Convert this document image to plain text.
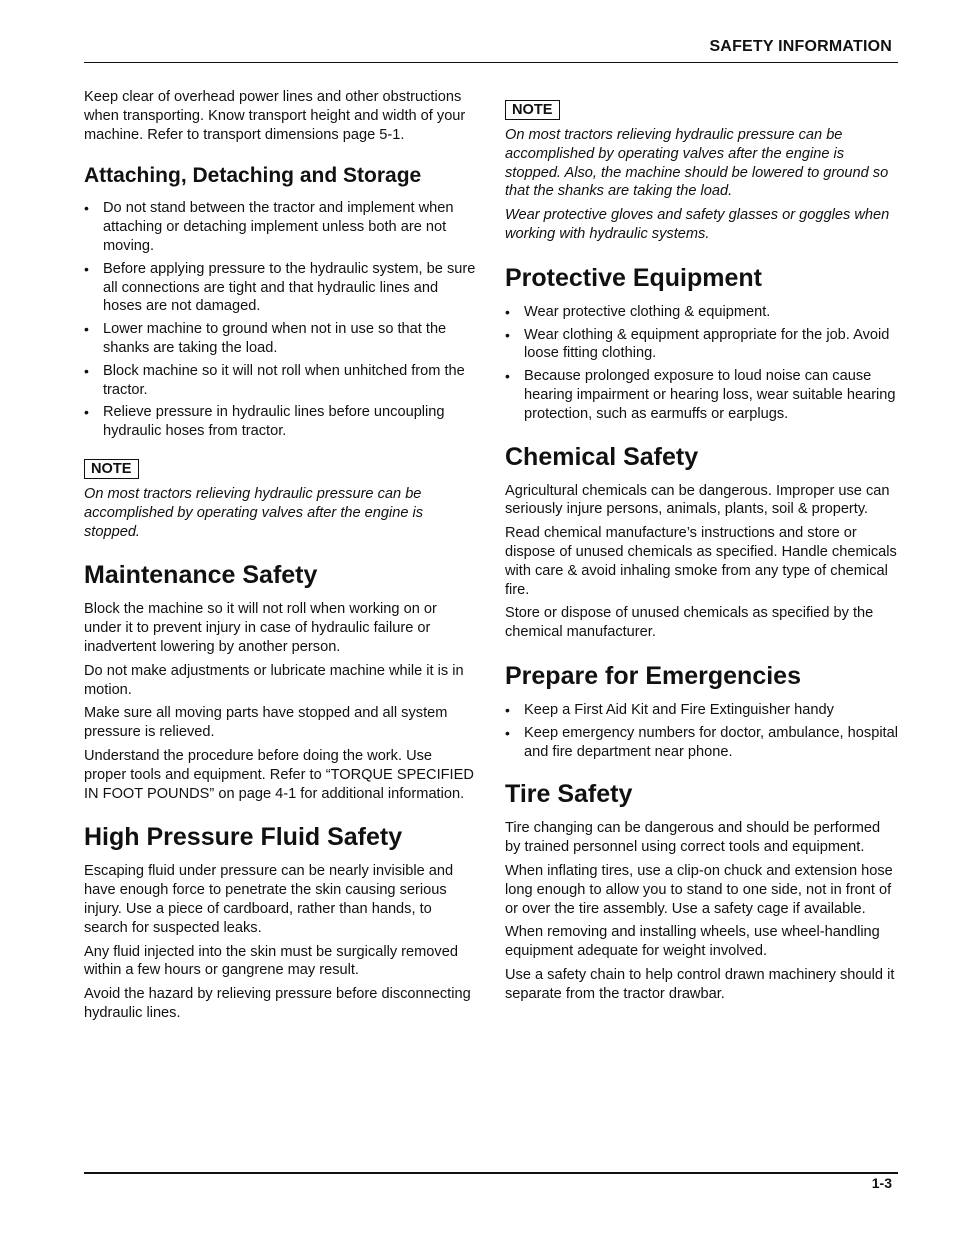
SAFETY INFORMATION

Keep clear of overhead power lines and other obstructions when transporting. Know transport height and width of your machine. Refer to transport dimensions page 5-1.

Attaching, Detaching and Storage
• Do not stand between the tractor and implement when attaching or detaching implement unless both are not moving.
• Before applying pressure to the hydraulic system, be sure all connections are tight and that hydraulic lines and hoses are not damaged.
• Lower machine to ground when not in use so that the shanks are taking the load.
• Block machine so it will not roll when unhitched from the tractor.
• Relieve pressure in hydraulic lines before uncoupling hydraulic hoses from tractor.
NOTE

On most tractors relieving hydraulic pressure can be accomplished by operating valves after the engine is stopped.

Maintenance Safety

Block the machine so it will not roll when working on or under it to prevent injury in case of hydraulic failure or inadvertent lowering by another person.

Do not make adjustments or lubricate machine while it is in motion.

Make sure all moving parts have stopped and all system pressure is relieved.

Understand the procedure before doing the work. Use proper tools and equipment. Refer to “TORQUE SPECIFIED IN FOOT POUNDS” on page 4-1 for additional information.

High Pressure Fluid Safety

Escaping fluid under pressure can be nearly invisible and have enough force to penetrate the skin causing serious injury. Use a piece of cardboard, rather than hands, to search for suspected leaks.

Any fluid injected into the skin must be surgically removed within a few hours or gangrene may result.

Avoid the hazard by relieving pressure before disconnecting hydraulic lines.

NOTE

On most tractors relieving hydraulic pressure can be accomplished by operating valves after the engine is stopped. Also, the machine should be lowered to ground so that the shanks are taking the load.

Wear protective gloves and safety glasses or goggles when working with hydraulic systems.

Protective Equipment
• Wear protective clothing & equipment.
• Wear clothing & equipment appropriate for the job. Avoid loose fitting clothing.
• Because prolonged exposure to loud noise can cause hearing impairment or hearing loss, wear suitable hearing protection, such as earmuffs or earplugs.
Chemical Safety

Agricultural chemicals can be dangerous. Improper use can seriously injure persons, animals, plants, soil & property.

Read chemical manufacture’s instructions and store or dispose of unused chemicals as specified. Handle chemicals with care & avoid inhaling smoke from any type of chemical fire.

Store or dispose of unused chemicals as specified by the chemical manufacturer.

Prepare for Emergencies
• Keep a First Aid Kit and Fire Extinguisher handy
• Keep emergency numbers for doctor, ambulance, hospital and fire department near phone.
Tire Safety

Tire changing can be dangerous and should be performed by trained personnel using correct tools and equipment.

When inflating tires, use a clip-on chuck and extension hose long enough to allow you to stand to one side, not in front of or over the tire assembly. Use a safety cage if available.

When removing and installing wheels, use wheel-handling equipment adequate for weight involved.

Use a safety chain to help control drawn machinery should it separate from the tractor drawbar.

1-3
